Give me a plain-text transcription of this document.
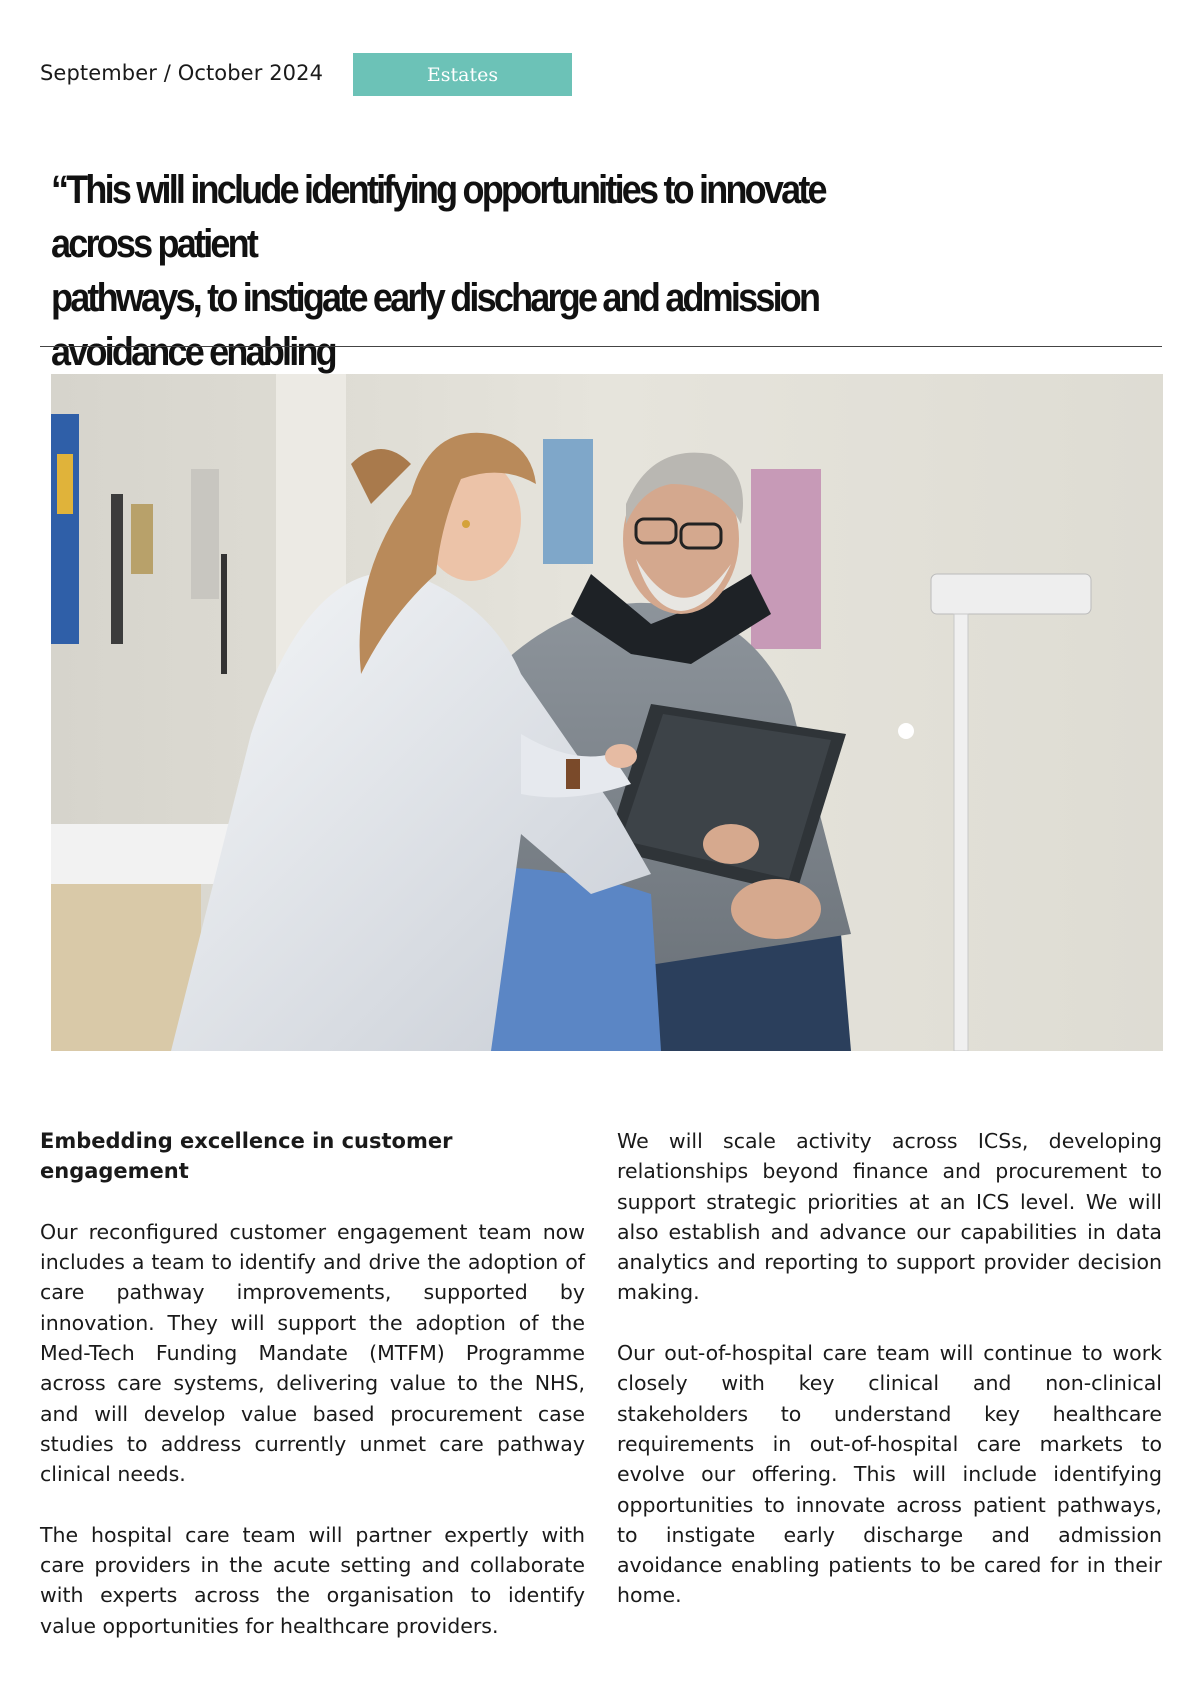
September / October 2024	Estates
“This will include identifying opportunities to innovate across patient
pathways, to instigate early discharge and admission avoidance enabling
Embedding excellence in customer engagement

Our reconfigured customer engagement team now includes a team to identify and drive the adoption of care pathway improvements, supported by innovation. They will support the adoption of the Med-Tech Funding Mandate (MTFM) Programme across care systems, delivering value to the NHS, and will develop value based procurement case studies to address currently unmet care pathway clinical needs.

The hospital care team will partner expertly with care providers in the acute setting and collaborate with experts across the organisation to identify value opportunities for healthcare providers.

We will scale activity across ICSs, developing relationships beyond finance and procurement to support strategic priorities at an ICS level. We will also establish and advance our capabilities in data analytics and reporting to support provider decision making.

Our out-of-hospital care team will continue to work closely with key clinical and non-clinical stakeholders to understand key healthcare requirements in out-of-hospital care markets to evolve our offering. This will include identifying opportunities to innovate across patient pathways, to instigate early discharge and admission avoidance enabling patients to be cared for in their home.
